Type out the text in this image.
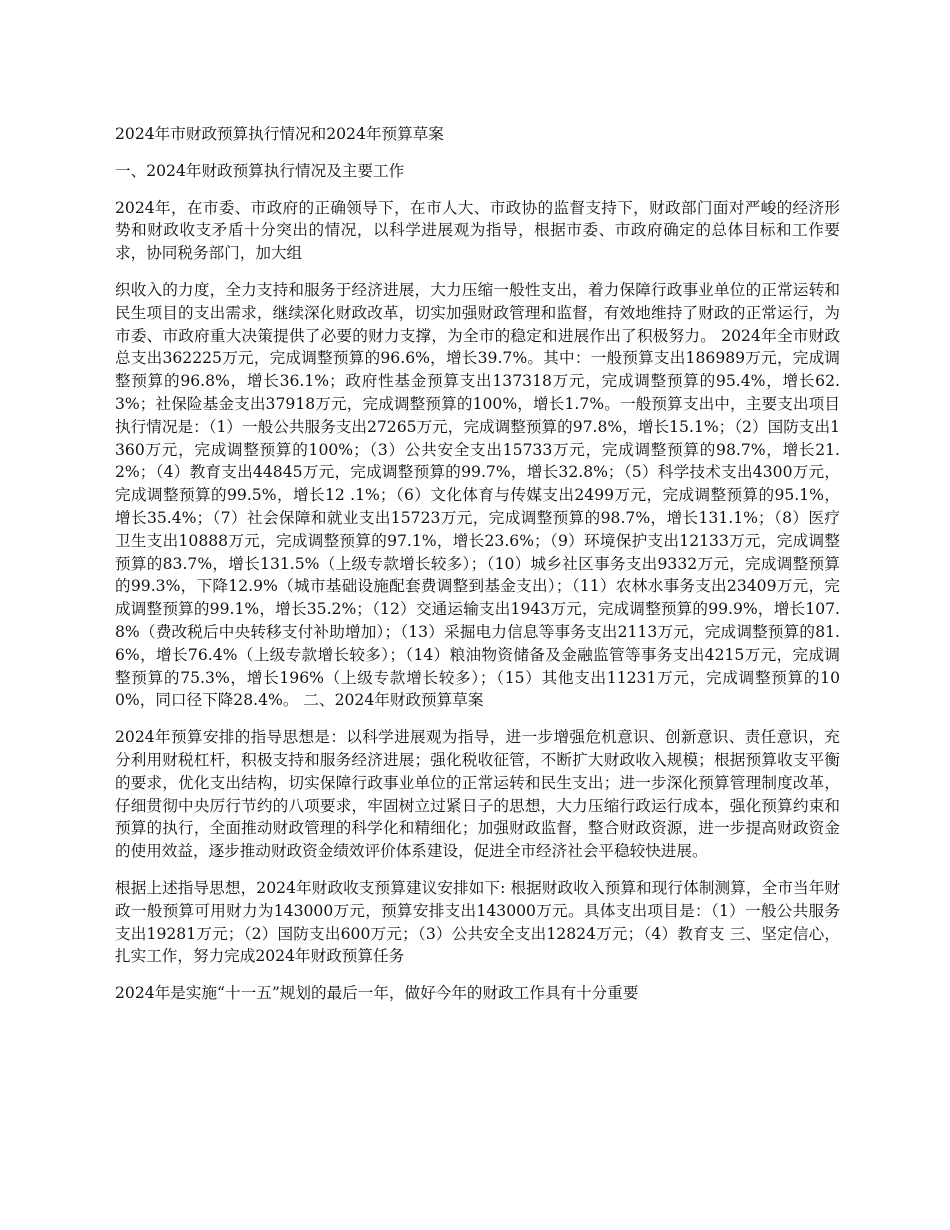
2024年市财政预算执行情况和2024年预算草案

一、2024年财政预算执行情况及主要工作

2024年，在市委、市政府的正确领导下，在市人大、市政协的监督支持下，财政部门面对严峻的经济形势和财政收支矛盾十分突出的情况，以科学进展观为指导，根据市委、市政府确定的总体目标和工作要求，协同税务部门，加大组

织收入的力度，全力支持和服务于经济进展，大力压缩一般性支出，着力保障行政事业单位的正常运转和民生项目的支出需求，继续深化财政改革，切实加强财政管理和监督，有效地维持了财政的正常运行，为市委、市政府重大决策提供了必要的财力支撑，为全市的稳定和进展作出了积极努力。 2024年全市财政总支出362225万元，完成调整预算的96.6%，增长39.7%。其中：一般预算支出186989万元，完成调整预算的96.8%，增长36.1%；政府性基金预算支出137318万元，完成调整预算的95.4%，增长62.3%；社保险基金支出37918万元，完成调整预算的100%，增长1.7%。一般预算支出中，主要支出项目执行情况是：（1）一般公共服务支出27265万元，完成调整预算的97.8%，增长15.1%；（2）国防支出1360万元，完成调整预算的100%；（3）公共安全支出15733万元，完成调整预算的98.7%，增长21.2%；（4）教育支出44845万元，完成调整预算的99.7%，增长32.8%；（5）科学技术支出4300万元，完成调整预算的99.5%，增长12 .1%；（6）文化体育与传媒支出2499万元，完成调整预算的95.1%，增长35.4%；（7）社会保障和就业支出15723万元，完成调整预算的98.7%，增长131.1%；（8）医疗卫生支出10888万元，完成调整预算的97.1%，增长23.6%；（9）环境保护支出12133万元，完成调整预算的83.7%，增长131.5%（上级专款增长较多）；（10）城乡社区事务支出9332万元，完成调整预算的99.3%，下降12.9%（城市基础设施配套费调整到基金支出）；（11）农林水事务支出23409万元，完成调整预算的99.1%，增长35.2%；（12）交通运输支出1943万元，完成调整预算的99.9%，增长107.8%（费改税后中央转移支付补助增加）；（13）采掘电力信息等事务支出2113万元，完成调整预算的81.6%，增长76.4%（上级专款增长较多）；（14）粮油物资储备及金融监管等事务支出4215万元，完成调整预算的75.3%，增长196%（上级专款增长较多）；（15）其他支出11231万元，完成调整预算的100%，同口径下降28.4%。 二、2024年财政预算草案

2024年预算安排的指导思想是：以科学进展观为指导，进一步增强危机意识、创新意识、责任意识，充分利用财税杠杆，积极支持和服务经济进展；强化税收征管，不断扩大财政收入规模；根据预算收支平衡的要求，优化支出结构，切实保障行政事业单位的正常运转和民生支出；进一步深化预算管理制度改革，仔细贯彻中央厉行节约的八项要求，牢固树立过紧日子的思想，大力压缩行政运行成本，强化预算约束和预算的执行，全面推动财政管理的科学化和精细化；加强财政监督，整合财政资源，进一步提高财政资金的使用效益，逐步推动财政资金绩效评价体系建设，促进全市经济社会平稳较快进展。

根据上述指导思想，2024年财政收支预算建议安排如下: 根据财政收入预算和现行体制测算，全市当年财政一般预算可用财力为143000万元，预算安排支出143000万元。具体支出项目是：（1）一般公共服务支出19281万元；（2）国防支出600万元；（3）公共安全支出12824万元；（4）教育支 三、坚定信心，扎实工作，努力完成2024年财政预算任务

2024年是实施“十一五”规划的最后一年，做好今年的财政工作具有十分重要
